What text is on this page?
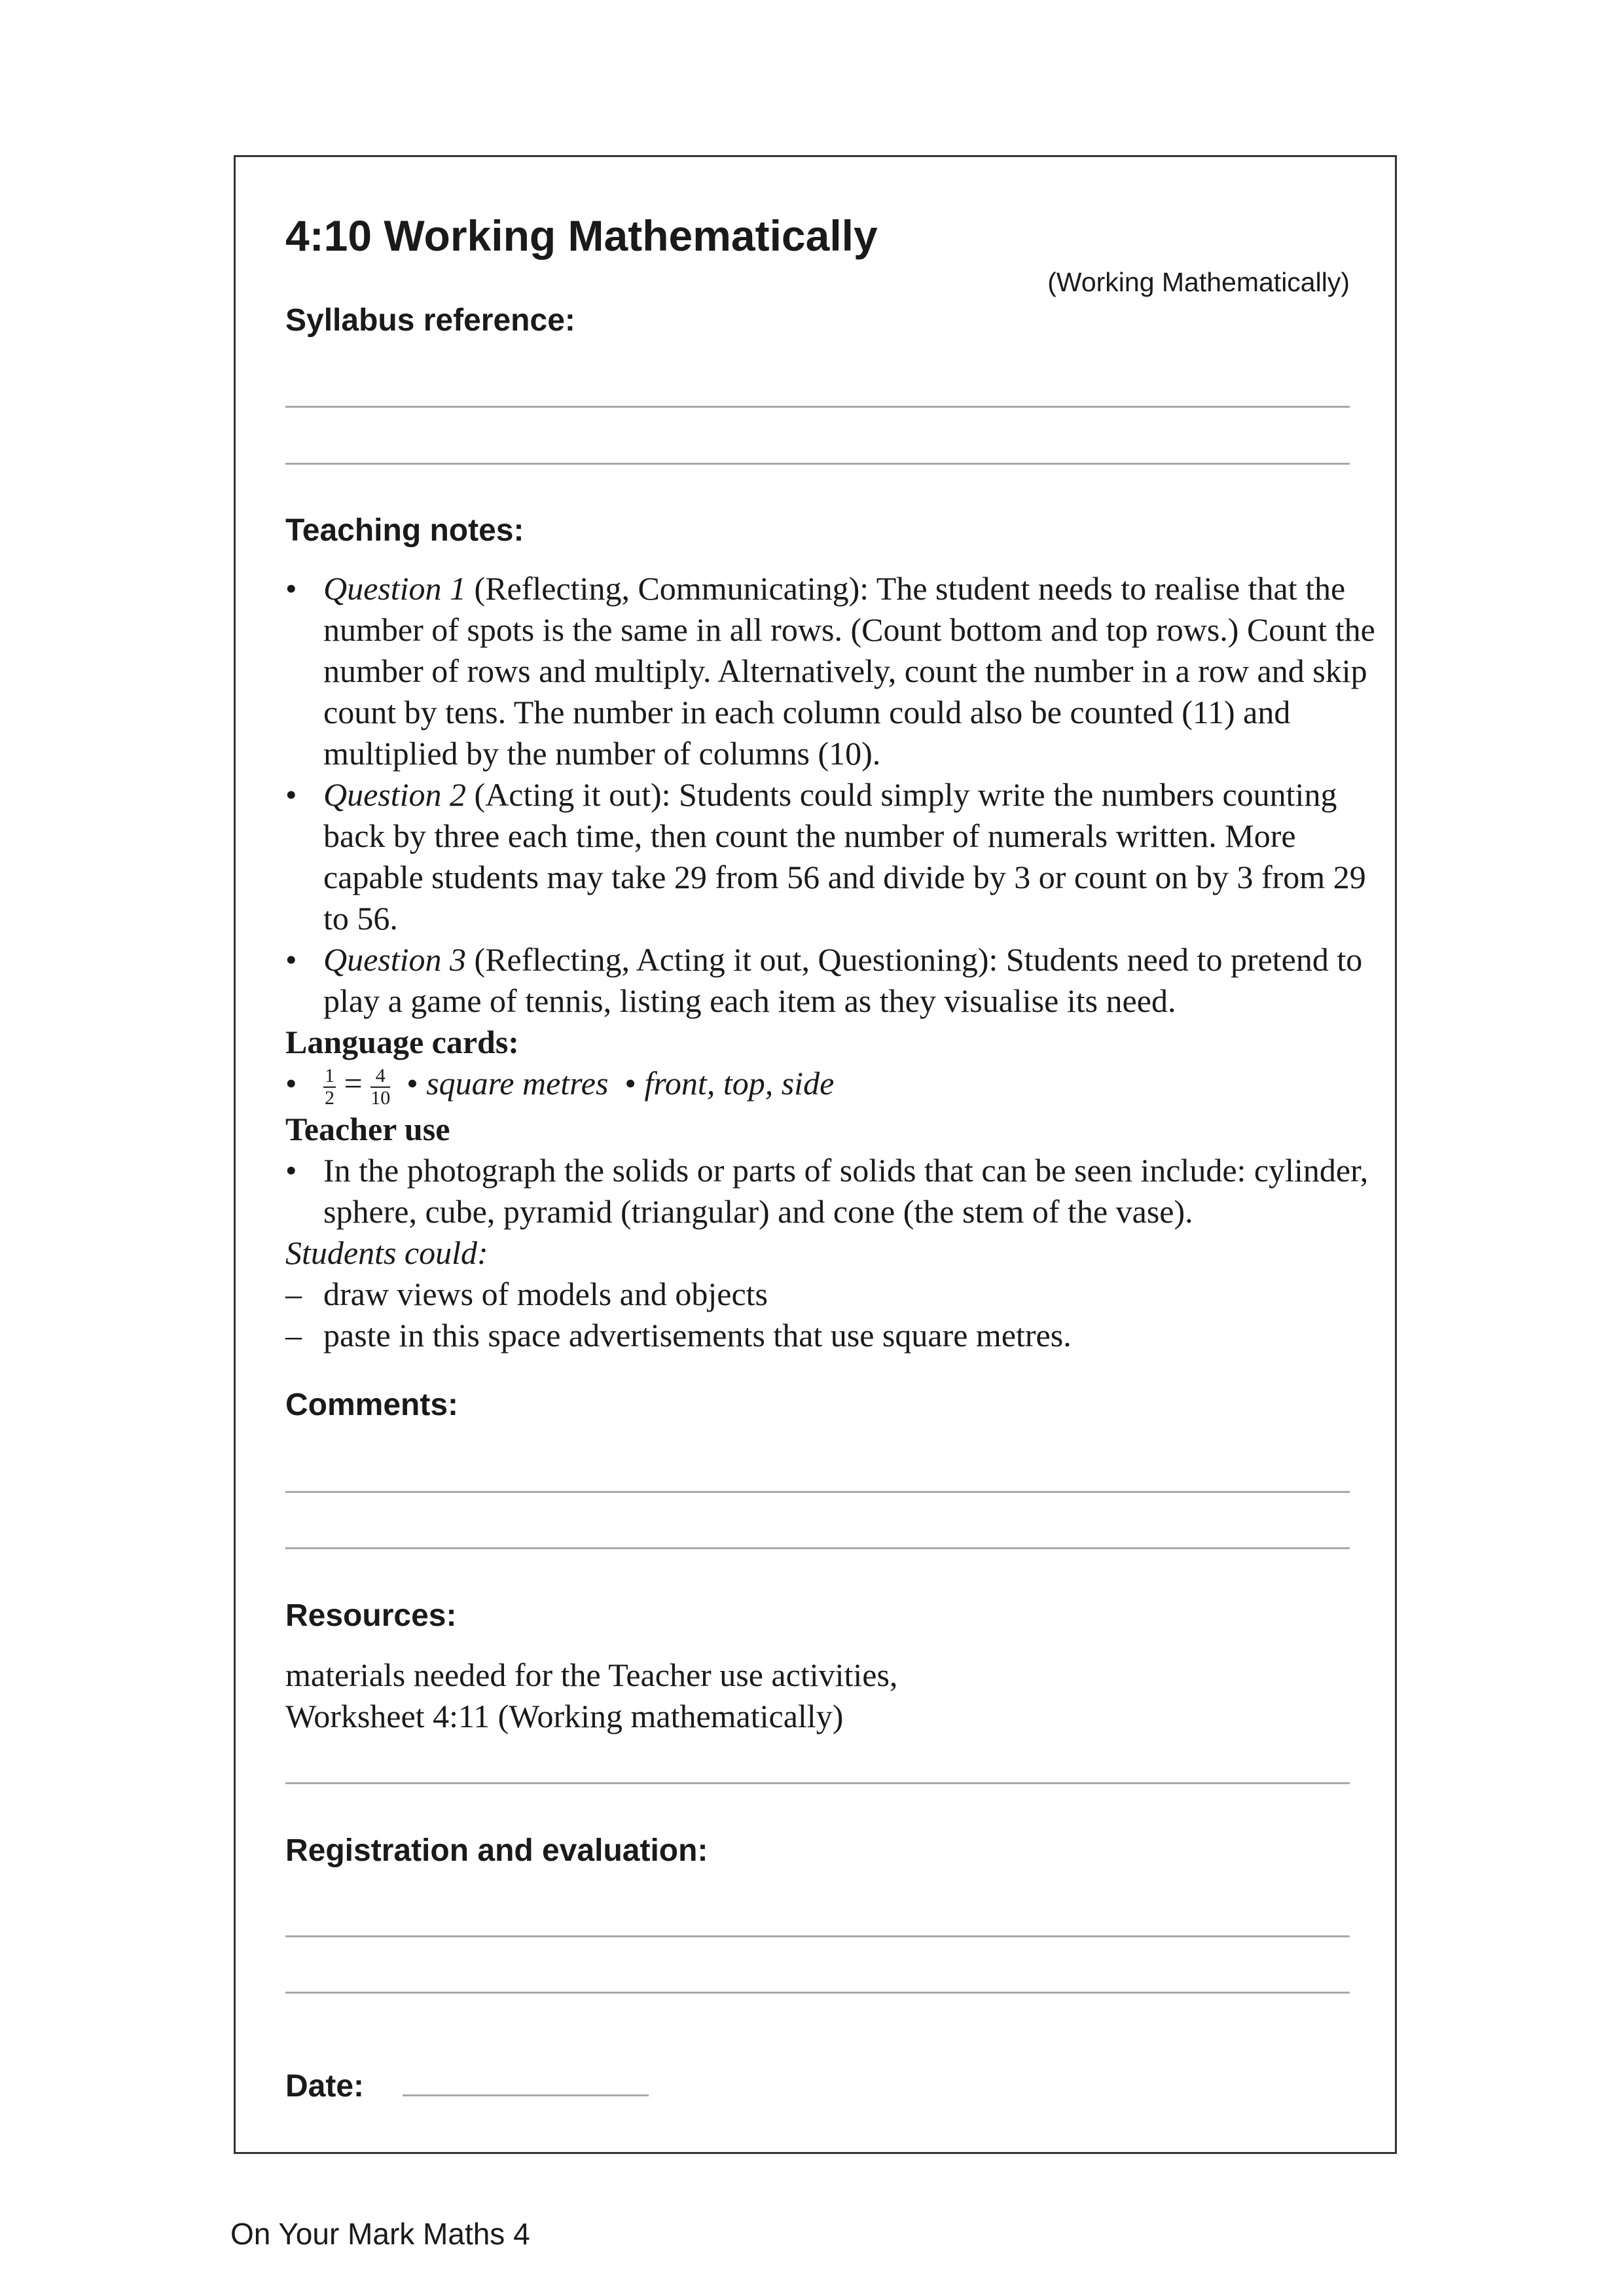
4:10 Working Mathematically
(Working Mathematically)
Syllabus reference:
Teaching notes:
• Question 1 (Reflecting, Communicating): The student needs to realise that the number of spots is the same in all rows. (Count bottom and top rows.) Count the number of rows and multiply. Alternatively, count the number in a row and skip count by tens. The number in each column could also be counted (11) and multiplied by the number of columns (10).
• Question 2 (Acting it out): Students could simply write the numbers counting back by three each time, then count the number of numerals written. More capable students may take 29 from 56 and divide by 3 or count on by 3 from 29 to 56.
• Question 3 (Reflecting, Acting it out, Questioning): Students need to pretend to play a game of tennis, listing each item as they visualise its need.
Language cards:
• $\frac{1}{2} = \frac{4}{10}$ • square metres  • front, top, side
Teacher use
• In the photograph the solids or parts of solids that can be seen include: cylinder, sphere, cube, pyramid (triangular) and cone (the stem of the vase).
Students could:
– draw views of models and objects
– paste in this space advertisements that use square metres.
Comments:
Resources:
materials needed for the Teacher use activities,
Worksheet 4:11 (Working mathematically)
Registration and evaluation:
Date:
On Your Mark Maths 4
